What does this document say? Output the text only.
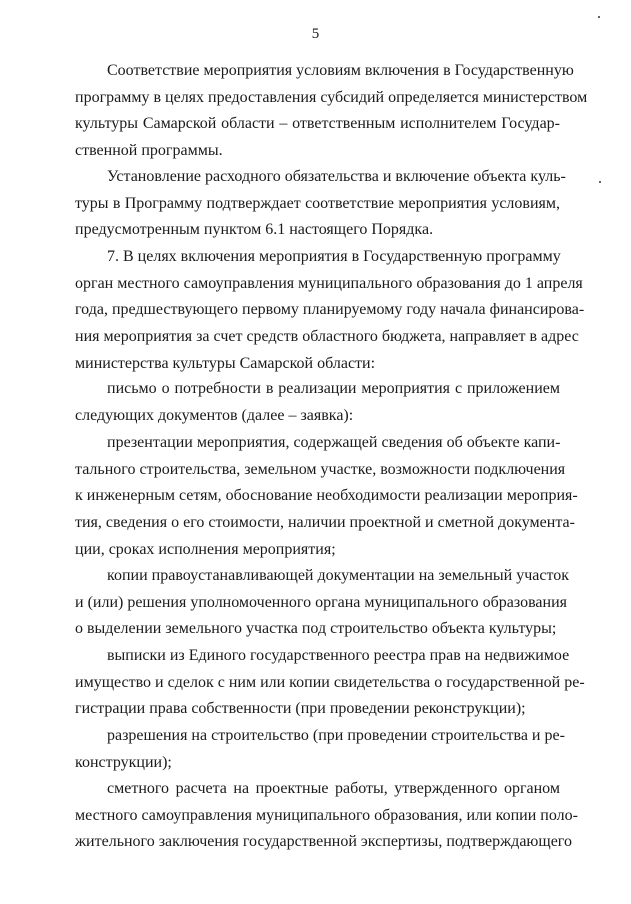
5
Соответствие мероприятия условиям включения в Государственную
программу в целях предоставления субсидий определяется министерством
культуры Самарской области – ответственным исполнителем Государ-
ственной программы.
Установление расходного обязательства и включение объекта куль-
туры в Программу подтверждает соответствие мероприятия условиям,
предусмотренным пунктом 6.1 настоящего Порядка.
7. В целях включения мероприятия в Государственную программу
орган местного самоуправления муниципального образования до 1 апреля
года, предшествующего первому планируемому году начала финансирова-
ния мероприятия за счет средств областного бюджета, направляет в адрес
министерства культуры Самарской области:
письмо о потребности в реализации мероприятия с приложением
следующих документов (далее – заявка):
презентации мероприятия, содержащей сведения об объекте капи-
тального строительства, земельном участке, возможности подключения
к инженерным сетям, обоснование необходимости реализации мероприя-
тия, сведения о его стоимости, наличии проектной и сметной документа-
ции, сроках исполнения мероприятия;
копии правоустанавливающей документации на земельный участок
и (или) решения уполномоченного органа муниципального образования
о выделении земельного участка под строительство объекта культуры;
выписки из Единого государственного реестра прав на недвижимое
имущество и сделок с ним или копии свидетельства о государственной ре-
гистрации права собственности (при проведении реконструкции);
разрешения на строительство (при проведении строительства и ре-
конструкции);
сметного расчета на проектные работы, утвержденного органом
местного самоуправления муниципального образования, или копии поло-
жительного заключения государственной экспертизы, подтверждающего
